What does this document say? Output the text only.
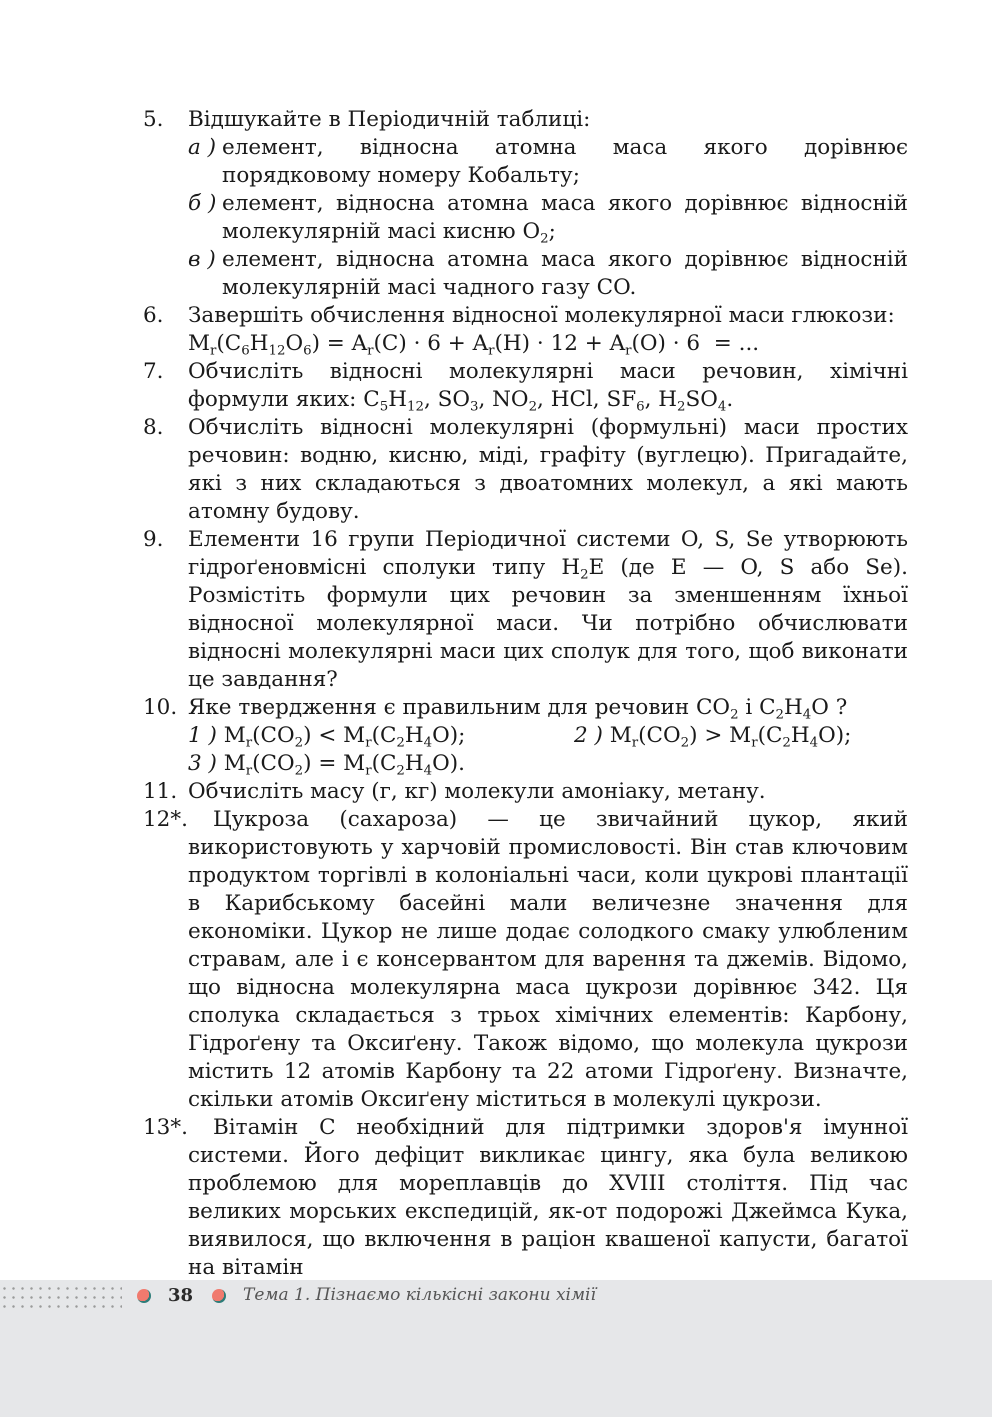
5. Відшукайте в Періодичній таблиці:
а ) елемент, відносна атомна маса якого дорівнює порядковому номеру Кобальту;
б ) елемент, відносна атомна маса якого дорівнює відносній молекулярній масі кисню $O_2$;
в ) елемент, відносна атомна маса якого дорівнює відносній молекулярній масі чадного газу CO.
6. Завершіть обчислення відносної молекулярної маси глюкози:
$M_r(C_6H_{12}O_6) = A_r(C) \cdot 6 + A_r(H) \cdot 12 + A_r(O) \cdot 6$  = ...
7. Обчисліть відносні молекулярні маси речовин, хімічні формули яких: $C_5H_{12}$, $SO_3$, $NO_2$, HCl, $SF_6$, $H_2SO_4$.
8. Обчисліть відносні молекулярні (формульні) маси простих речовин: водню, кисню, міді, графіту (вуглецю). Пригадайте, які з них складаються з двоатомних молекул, а які мають атомну будову.
9. Елементи 16 групи Періодичної системи O, S, Se утворюють гідроґеновмісні сполуки типу $H_2E$ (де E — O, S або Se). Розмістіть формули цих речовин за зменшенням їхньої відносної молекулярної маси. Чи потрібно обчислювати відносні молекулярні маси цих сполук для того, щоб виконати це завдання?
10. Яке твердження є правильним для речовин $CO_2$ і $C_2H_4O$ ?
1 ) $M_r(CO_2) < M_r(C_2H_4O)$;	2 ) $M_r(CO_2) > M_r(C_2H_4O)$;
3 ) $M_r(CO_2) = M_r(C_2H_4O)$.
11. Обчисліть масу (г, кг) молекули амоніаку, метану.
12*. Цукроза (сахароза) — це звичайний цукор, який використовують у харчовій промисловості. Він став ключовим продуктом торгівлі в колоніальні часи, коли цукрові плантації в Карибському басейні мали величезне значення для економіки. Цукор не лише додає солодкого смаку улюбленим стравам, але і є консервантом для варення та джемів. Відомо, що відносна молекулярна маса цукрози дорівнює 342. Ця сполука складається з трьох хімічних елементів: Карбону, Гідроґену та Оксиґену. Також відомо, що молекула цукрози містить 12 атомів Карбону та 22 атоми Гідроґену. Визначте, скільки атомів Оксиґену міститься в молекулі цукрози.
13*. Вітамін C необхідний для підтримки здоров'я імунної системи. Його дефіцит викликає цингу, яка була великою проблемою для мореплавців до XVIII століття. Під час великих морських експедицій, як-от подорожі Джеймса Кука, виявилося, що включення в раціон квашеної капусти, багатої на вітамін
38	Тема 1. Пізнаємо кількісні закони хімії
